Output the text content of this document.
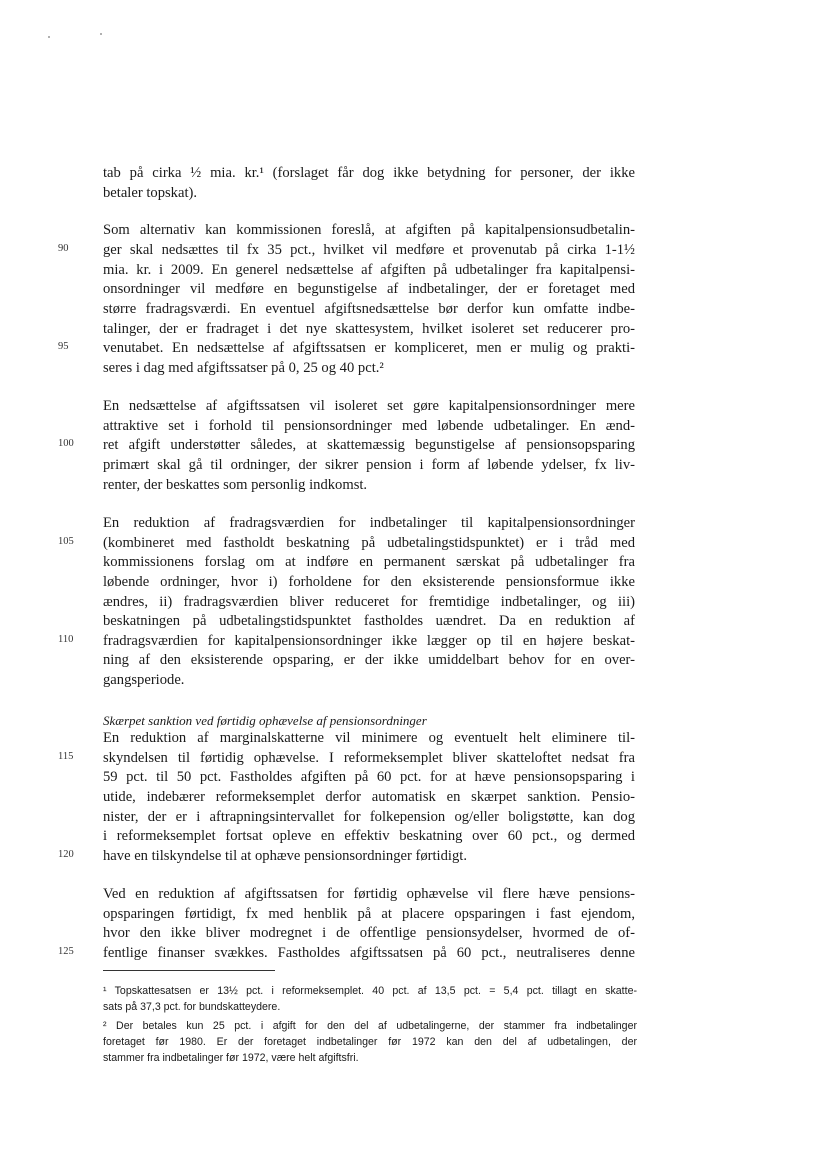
tab på cirka ½ mia. kr.¹ (forslaget får dog ikke betydning for personer, der ikke
betaler topskat).
Som alternativ kan kommissionen foreslå, at afgiften på kapitalpensionsudbetalin-
ger skal nedsættes til fx 35 pct., hvilket vil medføre et provenutab på cirka 1-1½
mia. kr. i 2009. En generel nedsættelse af afgiften på udbetalinger fra kapitalpensi-
onsordninger vil medføre en begunstigelse af indbetalinger, der er foretaget med
større fradragsværdi. En eventuel afgiftsnedsættelse bør derfor kun omfatte indbe-
talinger, der er fradraget i det nye skattesystem, hvilket isoleret set reducerer pro-
venutabet. En nedsættelse af afgiftssatsen er kompliceret, men er mulig og prakti-
seres i dag med afgiftssatser på 0, 25 og 40 pct.²
En nedsættelse af afgiftssatsen vil isoleret set gøre kapitalpensionsordninger mere
attraktive set i forhold til pensionsordninger med løbende udbetalinger. En ænd-
ret afgift understøtter således, at skattemæssig begunstigelse af pensionsopsparing
primært skal gå til ordninger, der sikrer pension i form af løbende ydelser, fx liv-
renter, der beskattes som personlig indkomst.
En reduktion af fradragsværdien for indbetalinger til kapitalpensionsordninger
(kombineret med fastholdt beskatning på udbetalingstidspunktet) er i tråd med
kommissionens forslag om at indføre en permanent særskat på udbetalinger fra
løbende ordninger, hvor i) forholdene for den eksisterende pensionsformue ikke
ændres, ii) fradragsværdien bliver reduceret for fremtidige indbetalinger, og iii)
beskatningen på udbetalingstidspunktet fastholdes uændret. Da en reduktion af
fradragsværdien for kapitalpensionsordninger ikke lægger op til en højere beskat-
ning af den eksisterende opsparing, er der ikke umiddelbart behov for en over-
gangsperiode.
En reduktion af marginalskatterne vil minimere og eventuelt helt eliminere til-
skyndelsen til førtidig ophævelse. I reformeksemplet bliver skatteloftet nedsat fra
59 pct. til 50 pct. Fastholdes afgiften på 60 pct. for at hæve pensionsopsparing i
utide, indebærer reformeksemplet derfor automatisk en skærpet sanktion. Pensio-
nister, der er i aftrapningsintervallet for folkepension og/eller boligstøtte, kan dog
i reformeksemplet fortsat opleve en effektiv beskatning over 60 pct., og dermed
have en tilskyndelse til at ophæve pensionsordninger førtidigt.
Ved en reduktion af afgiftssatsen for førtidig ophævelse vil flere hæve pensions-
opsparingen førtidigt, fx med henblik på at placere opsparingen i fast ejendom,
hvor den ikke bliver modregnet i de offentlige pensionsydelser, hvormed de of-
fentlige finanser svækkes. Fastholdes afgiftssatsen på 60 pct., neutraliseres denne
Skærpet sanktion ved førtidig ophævelse af pensionsordninger
90
95
100
105
110
115
120
125
¹ Topskattesatsen er 13½ pct. i reformeksemplet. 40 pct. af 13,5 pct. = 5,4 pct. tillagt en skatte-
sats på 37,3 pct. for bundskatteydere.
² Der betales kun 25 pct. i afgift for den del af udbetalingerne, der stammer fra indbetalinger
foretaget før 1980. Er der foretaget indbetalinger før 1972 kan den del af udbetalingen, der
stammer fra indbetalinger før 1972, være helt afgiftsfri.
